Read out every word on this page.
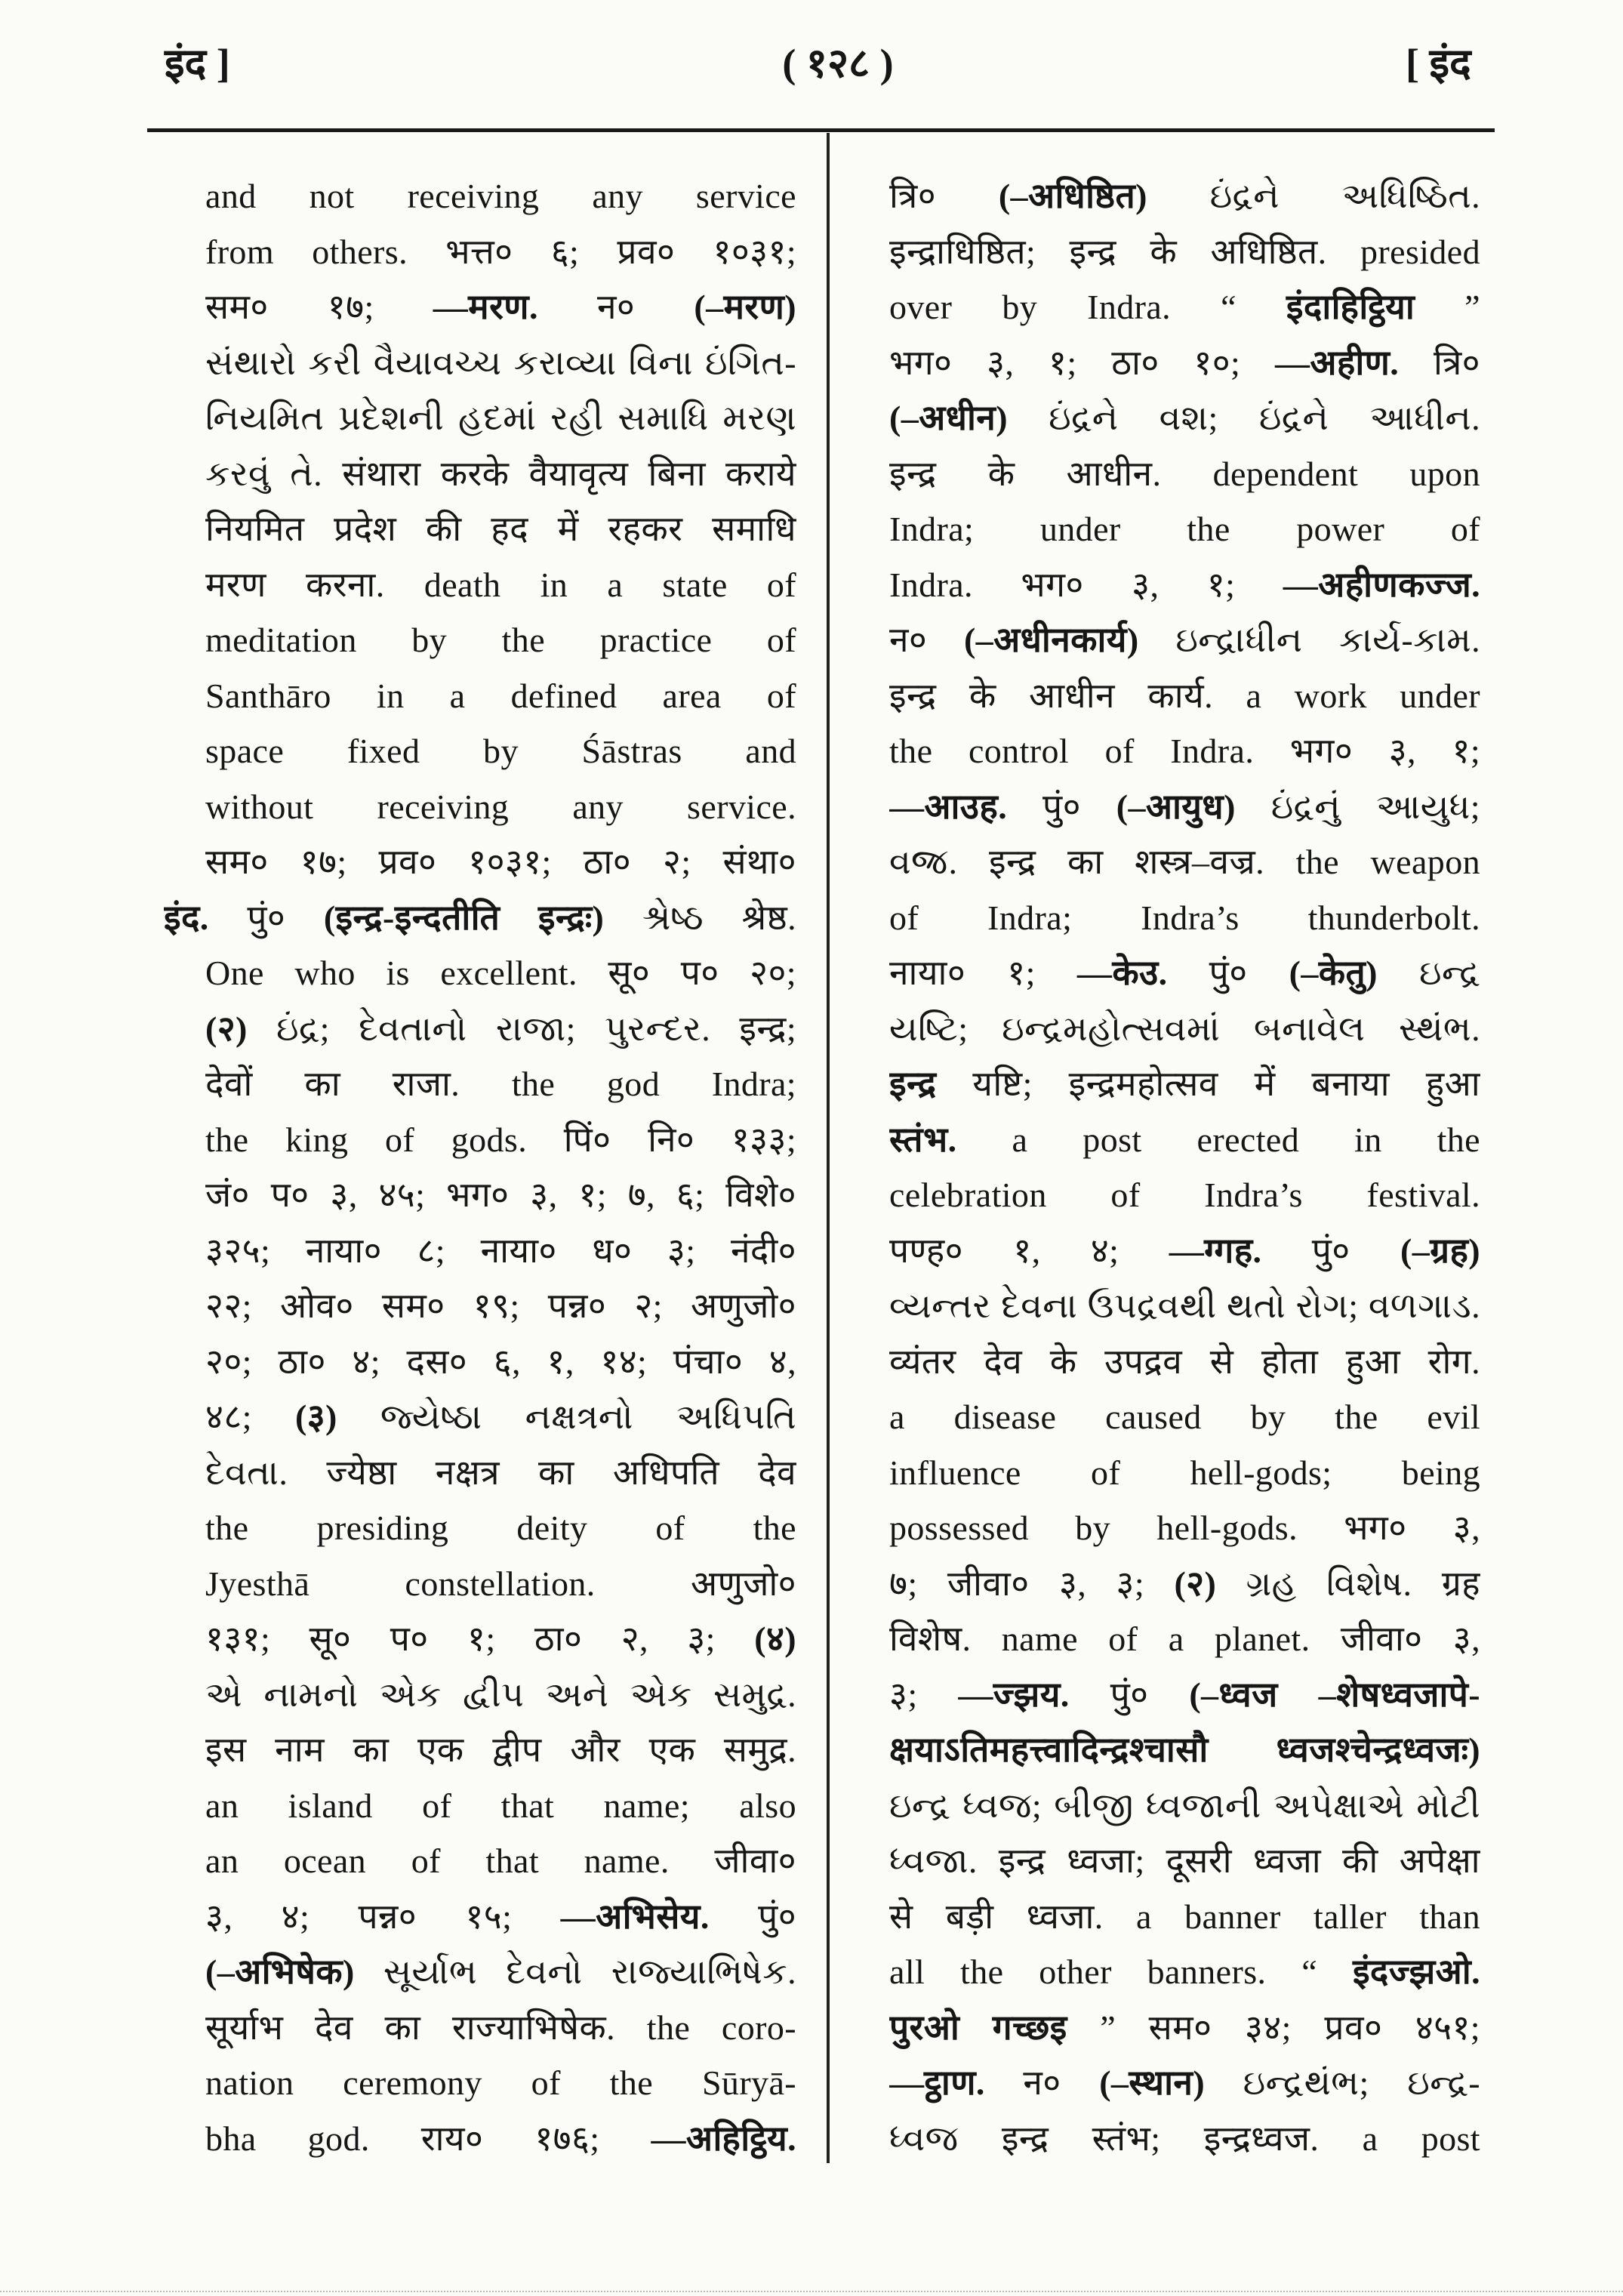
इंद ]	( १२८ )	[ इंद
and not receiving any service
from others. भत्त० ६; प्रव० १०३१;
सम० १७; —मरण. न० (–मरण)
સંથારો કરી વૈયાવચ્ચ કરાવ્યા વિના ઇંગિત-
નિયમિત પ્રદેશની હદમાં રહી સમાધિ મરણ
કરવું તે. संथारा करके वैयावृत्य बिना कराये
नियमित प्रदेश की हद में रहकर समाधि
मरण करना. death in a state of
meditation by the practice of
Santhāro in a defined area of
space fixed by Śāstras and
without receiving any service.
सम० १७; प्रव० १०३१; ठा० २; संथा०
इंद. पुं० (इन्द्र-इन्दतीति इन्द्रः) શ્રેષ્ઠ श्रेष्ठ.
One who is excellent. सू० प० २०;
(२) ઇંદ્ર; દેવતાનો રાજા; પુરન્દર. इन्द्र;
देवों का राजा. the god Indra;
the king of gods. पिं० नि० १३३;
जं० प० ३, ४५; भग० ३, १; ७, ६; विशे०
३२५; नाया० ८; नाया० ध० ३; नंदी०
२२; ओव० सम० १९; पन्न० २; अणुजो०
२०; ठा० ४; दस० ६, १, १४; पंचा० ४,
४८; (३) જ્યેષ્ઠા નક્ષત્રનો અધિપતિ
દેવતા. ज्येष्ठा नक्षत्र का अधिपति देव
the presiding deity of the
Jyesthā constellation. अणुजो०
१३१; सू० प० १; ठा० २, ३; (४)
એ નામનો એક દ્વીપ અને એક સમુદ્ર.
इस नाम का एक द्वीप और एक समुद्र.
an island of that name; also
an ocean of that name. जीवा०
३, ४; पन्न० १५; —अभिसेय. पुं०
(–अभिषेक) સૂર્યાભ દેવનો રાજ્યાભિષેક.
सूर्याभ देव का राज्याभिषेक. the coro-
nation ceremony of the Sūryā-
bha god. राय० १७६; —अहिट्ठिय.
त्रि० (–अधिष्ठित) ઇંદ્રને અધિષ્ઠિત.
इन्द्राधिष्ठित; इन्द्र के अधिष्ठित. presided
over by Indra. “ इंदाहिट्ठिया ”
भग० ३, १; ठा० १०; —अहीण. त्रि०
(–अधीन) ઇંદ્રને વશ; ઇંદ્રને આધીન.
इन्द्र के आधीन. dependent upon
Indra; under the power of
Indra. भग० ३, १; —अहीणकज्ज.
न० (–अधीनकार्य) ઇન્દ્રાધીન કાર્ય-કામ.
इन्द्र के आधीन कार्य. a work under
the control of Indra. भग० ३, १;
—आउह. पुं० (–आयुध) ઇંદ્રનું આયુધ;
વજ્ર. इन्द्र का शस्त्र–वज्र. the weapon
of Indra; Indra’s thunderbolt.
नाया० १; —केउ. पुं० (–केतु) ઇન્દ્ર
યષ્ટિ; ઇન્દ્રમહોત્સવમાં બનાવેલ સ્થંભ.
इन्द्र यष्टि; इन्द्रमहोत्सव में बनाया हुआ
स्तंभ. a post erected in the
celebration of Indra’s festival.
पण्ह० १, ४; —ग्गह. पुं० (–ग्रह)
વ્યન્તર દેવના ઉપદ્રવથી થતો રોગ; વળગાડ.
व्यंतर देव के उपद्रव से होता हुआ रोग.
a disease caused by the evil
influence of hell-gods; being
possessed by hell-gods. भग० ३,
७; जीवा० ३, ३; (२) ગ્રહ વિશેષ. ग्रह
विशेष. name of a planet. जीवा० ३,
३; —ज्झय. पुं० (–ध्वज –शेषध्वजापे-
क्षयाऽतिमहत्त्वादिन्द्रश्चासौ ध्वजश्चेन्द्रध्वजः)
ઇન્દ્ર ધ્વજ; બીજી ધ્વજાની અપેક્ષાએ મોટી
ધ્વજા. इन्द्र ध्वजा; दूसरी ध्वजा की अपेक्षा
से बड़ी ध्वजा. a banner taller than
all the other banners. “ इंदज्झओ.
पुरओ गच्छइ ” सम० ३४; प्रव० ४५१;
—ट्ठाण. न० (–स्थान) ઇન્દ્રથંભ; ઇન્દ્ર-
ધ્વજ इन्द्र स्तंभ; इन्द्रध्वज. a post
